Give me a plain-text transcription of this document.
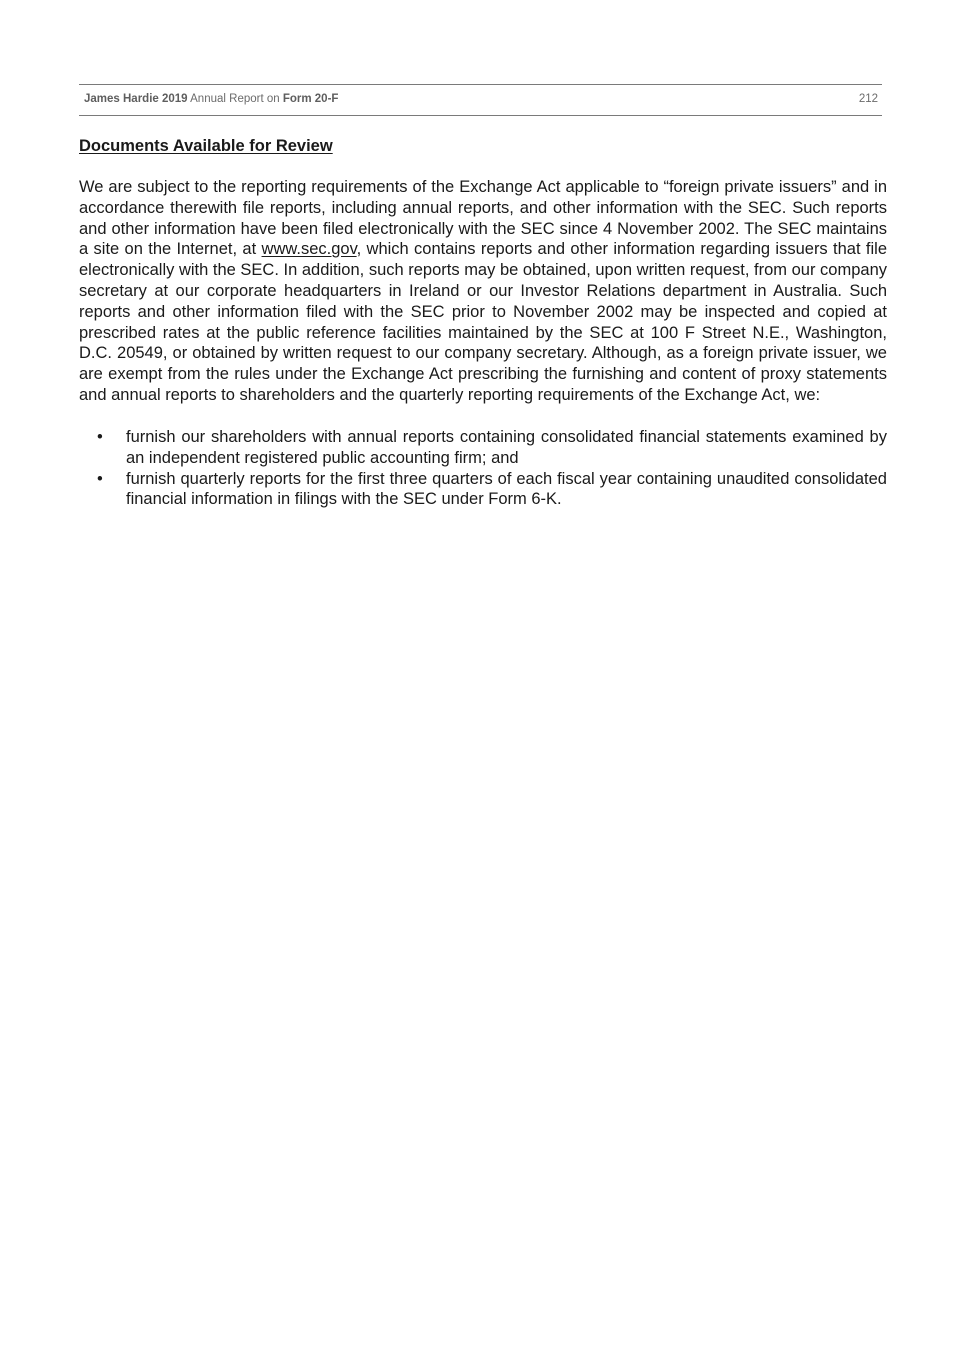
James Hardie 2019 Annual Report on Form 20-F	212
Documents Available for Review

We are subject to the reporting requirements of the Exchange Act applicable to “foreign private issuers” and in accordance therewith file reports, including annual reports, and other information with the SEC. Such reports and other information have been filed electronically with the SEC since 4 November 2002. The SEC maintains a site on the Internet, at www.sec.gov, which contains reports and other information regarding issuers that file electronically with the SEC. In addition, such reports may be obtained, upon written request, from our company secretary at our corporate headquarters in Ireland or our Investor Relations department in Australia. Such reports and other information filed with the SEC prior to November 2002 may be inspected and copied at prescribed rates at the public reference facilities maintained by the SEC at 100 F Street N.E., Washington, D.C. 20549, or obtained by written request to our company secretary. Although, as a foreign private issuer, we are exempt from the rules under the Exchange Act prescribing the furnishing and content of proxy statements and annual reports to shareholders and the quarterly reporting requirements of the Exchange Act, we:

• furnish our shareholders with annual reports containing consolidated financial statements examined by an independent registered public accounting firm; and
• furnish quarterly reports for the first three quarters of each fiscal year containing unaudited consolidated financial information in filings with the SEC under Form 6-K.
